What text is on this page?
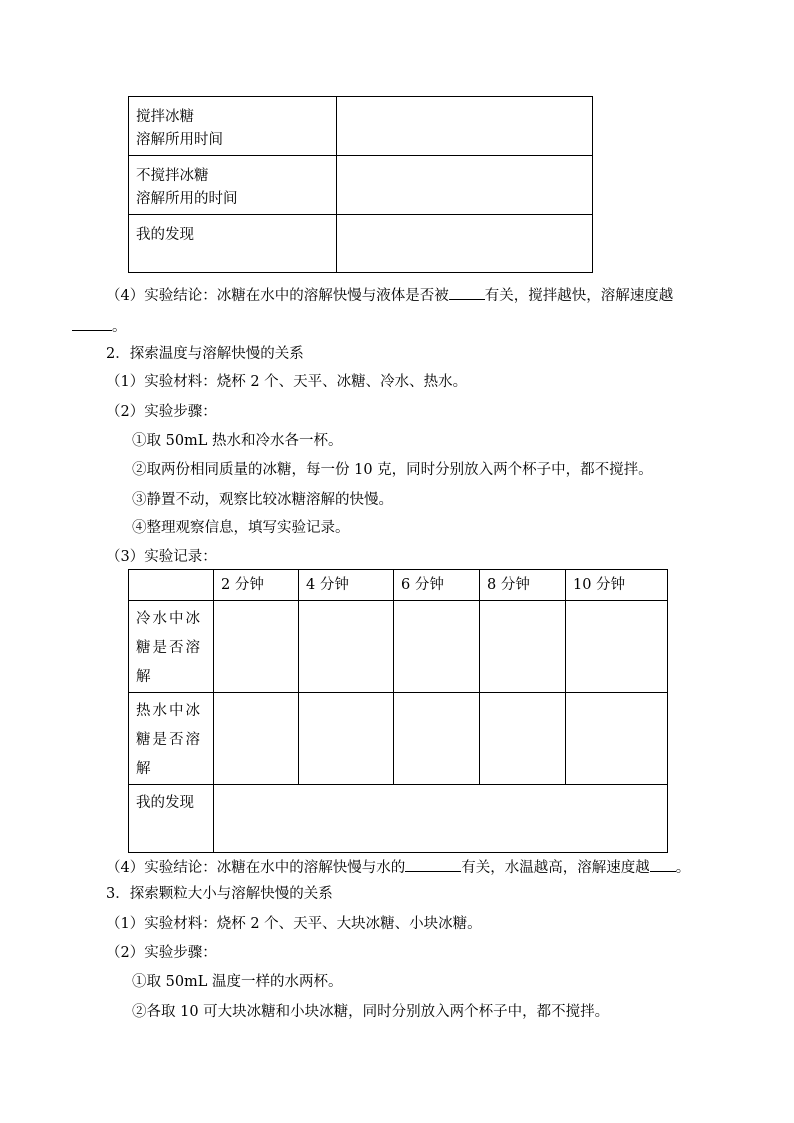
搅拌冰糖
溶解所用时间	

不搅拌冰糖
溶解所用的时间	

我的发现	

（4）实验结论：冰糖在水中的溶解快慢与液体是否被 有关，搅拌越快，溶解速度越
。
2．探索温度与溶解快慢的关系
（1）实验材料：烧杯 2 个、天平、冰糖、冷水、热水。
（2）实验步骤：
①取 50mL 热水和冷水各一杯。
②取两份相同质量的冰糖，每一份 10 克，同时分别放入两个杯子中，都不搅拌。
③静置不动，观察比较冰糖溶解的快慢。
④整理观察信息，填写实验记录。
（3）实验记录：
	2 分钟	4 分钟	6 分钟	8 分钟	10 分钟
冷水中冰糖是否溶解					
热水中冰糖是否溶解					
我的发现					
（4）实验结论：冰糖在水中的溶解快慢与水的	有关，水温越高，溶解速度越 。
3．探索颗粒大小与溶解快慢的关系
（1）实验材料：烧杯 2 个、天平、大块冰糖、小块冰糖。
（2）实验步骤：
①取 50mL 温度一样的水两杯。
②各取 10 可大块冰糖和小块冰糖，同时分别放入两个杯子中，都不搅拌。
